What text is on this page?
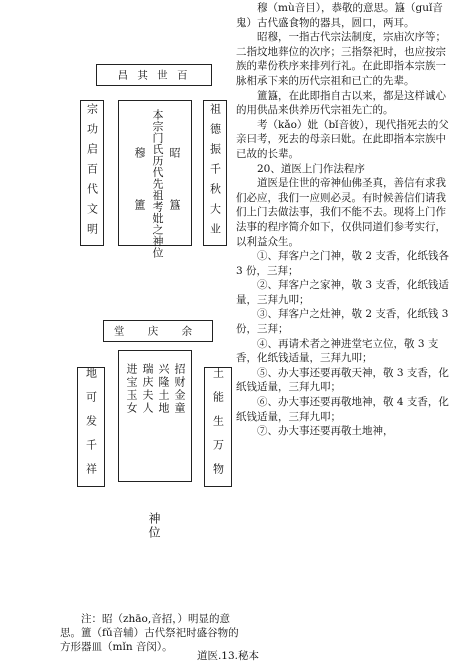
昌 其 世 百
宗功启百代文明	本宗门氏历代先祖考妣之神位
穆
簠
昭
簋	祖德振千秋大业
堂 庆 余
地可发千祥	进宝玉女 瑞庆夫人 兴隆土地 招财金童 土能生万物
神位
注：昭（zhāo,音招，）明显的意思。簠（fǔ音辅）古代祭祀时盛谷物的方形器皿（mǐn 音闵）。

穆（mù音目），恭敬的意思。簋（guǐ音鬼）古代盛食物的器具，圆口，两耳。

昭穆，一指古代宗法制度，宗庙次序等；二指坟地葬位的次序；三指祭祀时，也应按宗族的辈份秩序来排列行礼。在此即指本宗族一脉相承下来的历代宗祖和已亡的先辈。

簠簋，在此即指自古以来，都是这样诚心的用供品来供养历代宗祖先亡的。

考（kǎo）妣（bǐ音彼），现代指死去的父亲曰考，死去的母亲曰妣。在此即指本宗族中已故的长辈。

20、道医上门作法程序

道医是住世的帝神仙佛圣真，善信有求我们必应，我们一应则必灵。有时候善信们请我们上门去做法事，我们不能不去。现将上门作法事的程序简介如下，仅供同道们参考实行，以利益众生。

①、拜客户之门神，敬 2 支香，化纸钱各 3 份，三拜；

②、拜客户之家神，敬 3 支香，化纸钱适量，三拜九叩；

③、拜客户之灶神，敬 2 支香，化纸钱 3 份，三拜；

④、再请术者之神进堂宅立位，敬 3 支香，化纸钱适量，三拜九叩；

⑤、办大事还要再敬天神，敬 3 支香，化纸钱适量，三拜九叩；

⑥、办大事还要再敬地神，敬 4 支香，化纸钱适量，三拜九叩；

⑦、办大事还要再敬土地神，

道医.13.秘本
